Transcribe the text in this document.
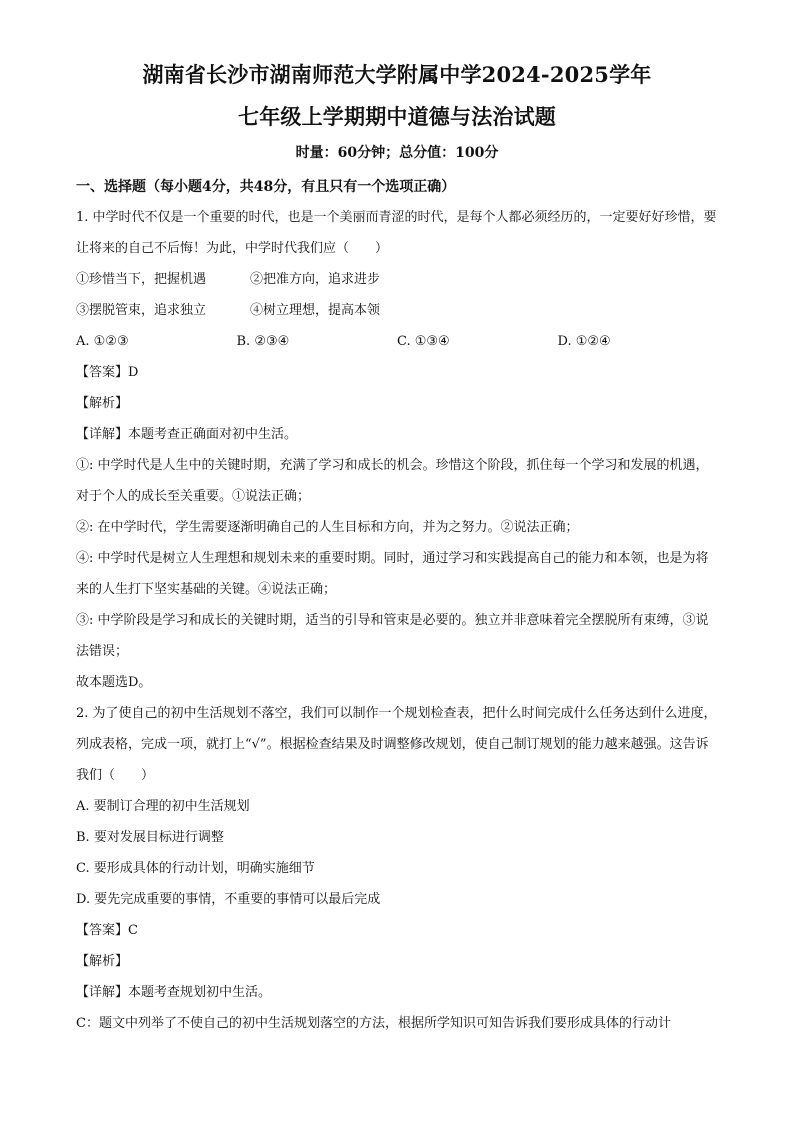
湖南省长沙市湖南师范大学附属中学2024-2025学年
七年级上学期期中道德与法治试题
时量：60分钟；总分值：100分
一、选择题（每小题4分，共48分，有且只有一个选项正确）

1. 中学时代不仅是一个重要的时代，也是一个美丽而青涩的时代，是每个人都必须经历的，一定要好好珍惜，要让将来的自己不后悔！为此，中学时代我们应（　　）

①珍惜当下，把握机遇	②把准方向，追求进步
③摆脱管束，追求独立	④树立理想，提高本领
A. ①②③	B. ②③④	C. ①③④	D. ①②④
【答案】D
【解析】
【详解】本题考查正确面对初中生活。

①: 中学时代是人生中的关键时期，充满了学习和成长的机会。珍惜这个阶段，抓住每一个学习和发展的机遇，对于个人的成长至关重要。①说法正确；

②: 在中学时代，学生需要逐渐明确自己的人生目标和方向，并为之努力。②说法正确；

④: 中学时代是树立人生理想和规划未来的重要时期。同时，通过学习和实践提高自己的能力和本领，也是为将来的人生打下坚实基础的关键。④说法正确；

③: 中学阶段是学习和成长的关键时期，适当的引导和管束是必要的。独立并非意味着完全摆脱所有束缚，③说法错误；

故本题选D。

2. 为了使自己的初中生活规划不落空，我们可以制作一个规划检查表，把什么时间完成什么任务达到什么进度，列成表格，完成一项，就打上“√”。根据检查结果及时调整修改规划，使自己制订规划的能力越来越强。这告诉我们（　　）

A. 要制订合理的初中生活规划
B. 要对发展目标进行调整
C. 要形成具体的行动计划，明确实施细节
D. 要先完成重要的事情，不重要的事情可以最后完成
【答案】C
【解析】
【详解】本题考查规划初中生活。
C：题文中列举了不使自己的初中生活规划落空的方法，根据所学知识可知告诉我们要形成具体的行动计
